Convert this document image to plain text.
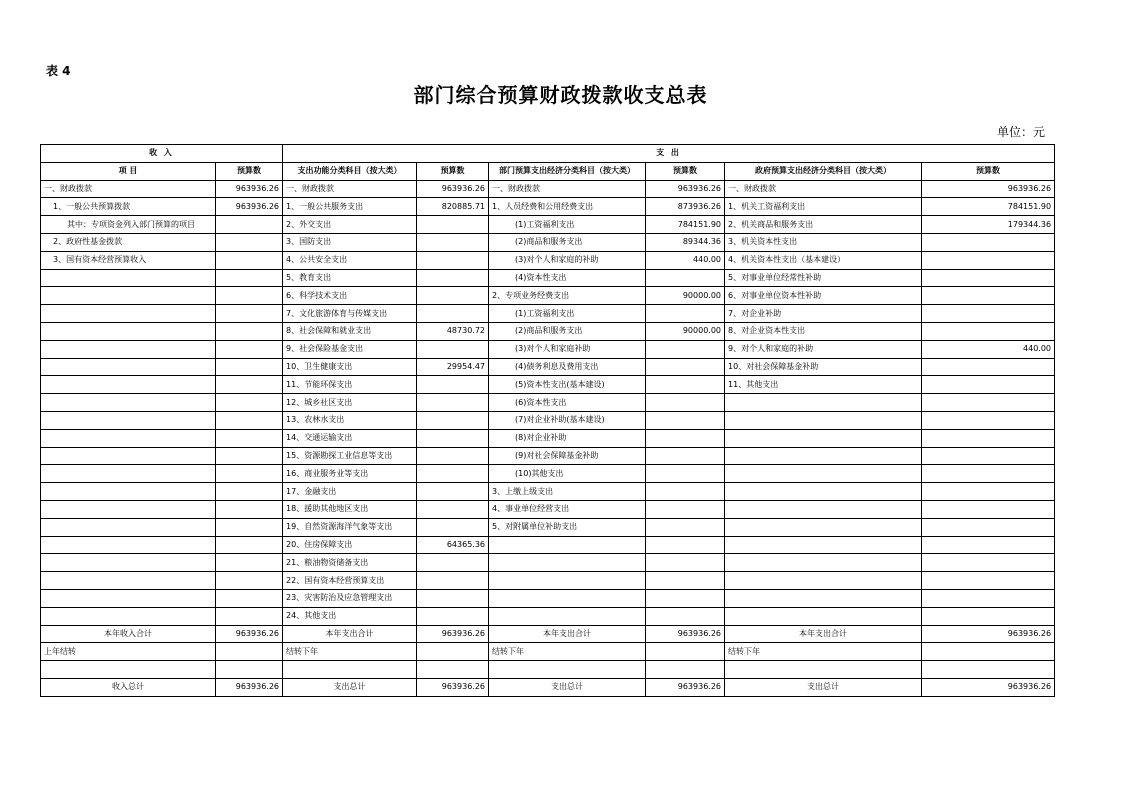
表 4
部门综合预算财政拨款收支总表
单位：元
收 入		支 出					
项 目	预算数	支出功能分类科目（按大类）	预算数	部门预算支出经济分类科目（按大类）	预算数	政府预算支出经济分类科目（按大类）	预算数
一、财政拨款	963936.26	一、财政拨款	963936.26	一、财政拨款	963936.26	一、财政拨款	963936.26
1、一般公共预算拨款	963936.26	1、一般公共服务支出	820885.71	1、人员经费和公用经费支出	873936.26	1、机关工资福利支出	784151.90
其中：专项资金列入部门预算的项目		2、外交支出		(1)工资福利支出	784151.90	2、机关商品和服务支出	179344.36
2、政府性基金拨款		3、国防支出		(2)商品和服务支出	89344.36	3、机关资本性支出	
3、国有资本经营预算收入		4、公共安全支出		(3)对个人和家庭的补助	440.00	4、机关资本性支出（基本建设）	
		5、教育支出		(4)资本性支出		5、对事业单位经常性补助	
		6、科学技术支出		2、专项业务经费支出	90000.00	6、对事业单位资本性补助	
		7、文化旅游体育与传媒支出		(1)工资福利支出		7、对企业补助	
		8、社会保障和就业支出	48730.72	(2)商品和服务支出	90000.00	8、对企业资本性支出	
		9、社会保险基金支出		(3)对个人和家庭补助		9、对个人和家庭的补助	440.00
		10、卫生健康支出	29954.47	(4)债务利息及费用支出		10、对社会保障基金补助	
		11、节能环保支出		(5)资本性支出(基本建设)		11、其他支出	
		12、城乡社区支出		(6)资本性支出			
		13、农林水支出		(7)对企业补助(基本建设)			
		14、交通运输支出		(8)对企业补助			
		15、资源勘探工业信息等支出		(9)对社会保障基金补助			
		16、商业服务业等支出		(10)其他支出			
		17、金融支出		3、上缴上级支出			
		18、援助其他地区支出		4、事业单位经营支出			
		19、自然资源海洋气象等支出		5、对附属单位补助支出			
		20、住房保障支出	64365.36				
		21、粮油物资储备支出					
		22、国有资本经营预算支出					
		23、灾害防治及应急管理支出					
		24、其他支出					
本年收入合计	963936.26	本年支出合计	963936.26	本年支出合计	963936.26	本年支出合计	963936.26
上年结转		结转下年		结转下年		结转下年	

收入总计	963936.26	支出总计	963936.26	支出总计	963936.26	支出总计	963936.26
